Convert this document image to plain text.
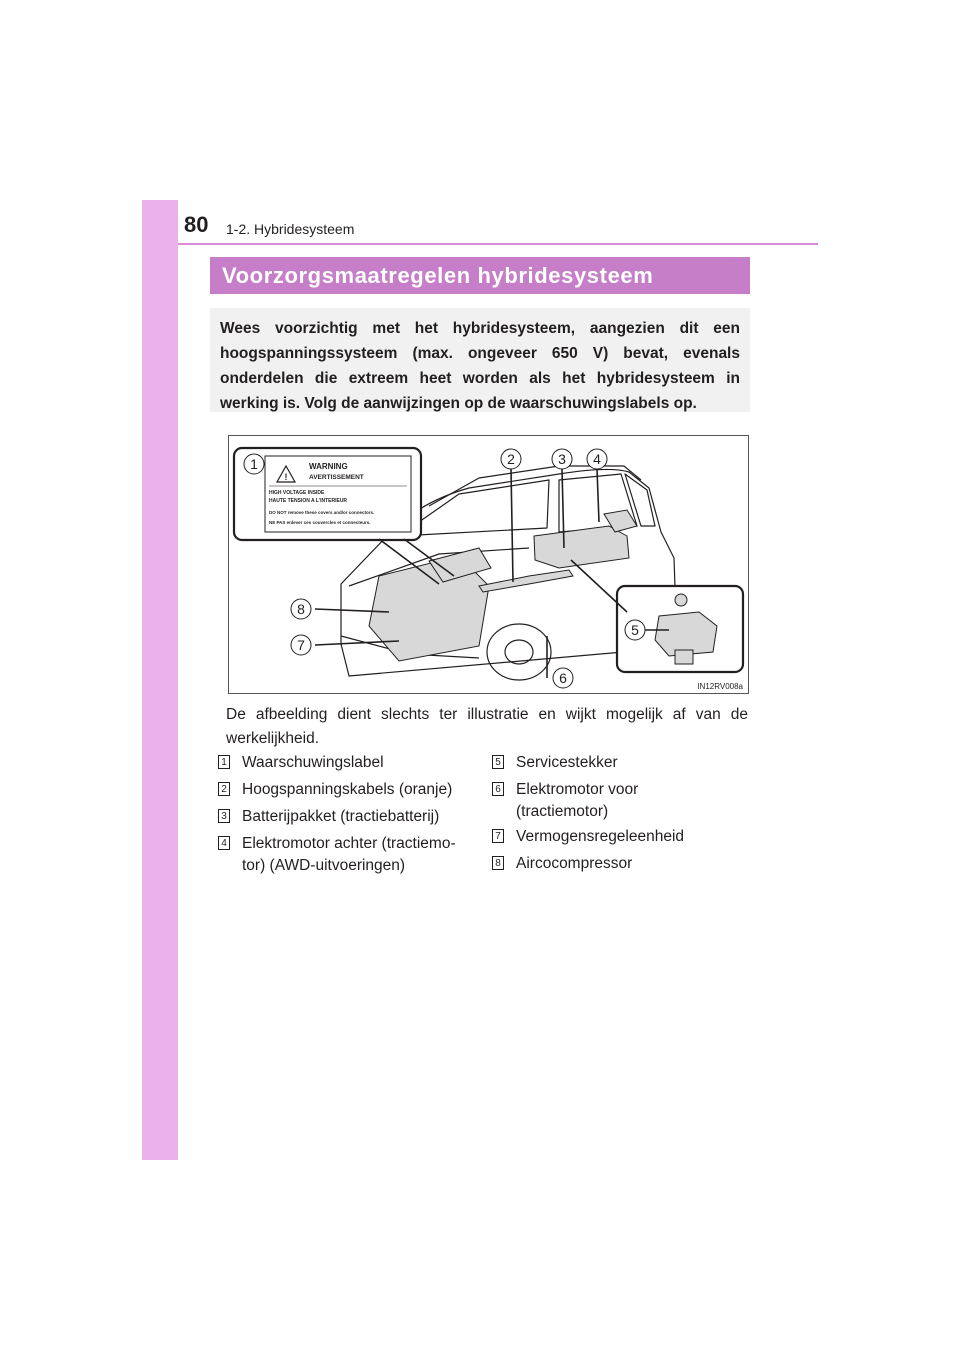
80 1-2. Hybridesysteem
Voorzorgsmaatregelen hybridesysteem
Wees voorzichtig met het hybridesysteem, aangezien dit een hoogspanningssysteem (max. ongeveer 650 V) bevat, evenals onderdelen die extreem heet worden als het hybridesysteem in werking is. Volg de aanwijzingen op de waarschuwingslabels op.
!
WARNING
AVERTISSEMENT
HIGH VOLTAGE INSIDE
HAUTE TENSION A L'INTERIEUR
DO NOT remove these covers and/or connectors.
NE PAS enlever ces couvercles et connecteurs.
1	2	3 4
5
6
7
8
IN12RV008a
De afbeelding dient slechts ter illustratie en wijkt mogelijk af van de werkelijkheid.
1 Waarschuwingslabel
2 Hoogspanningskabels (oranje)
3 Batterijpakket (tractiebatterij)
4 Elektromotor achter (tractiemo-
tor) (AWD-uitvoeringen)
5 Servicestekker
6 Elektromotor voor
(tractiemotor)
7 Vermogensregeleenheid
8 Aircocompressor
